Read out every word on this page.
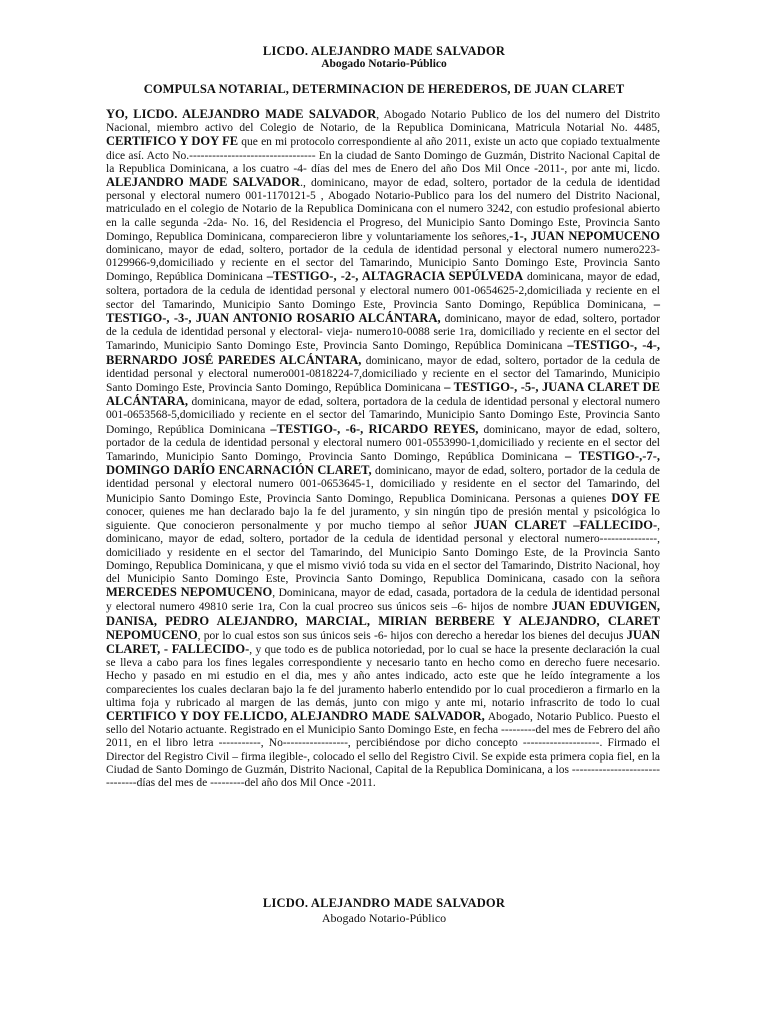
LICDO. ALEJANDRO MADE SALVADOR
Abogado Notario-Público
COMPULSA NOTARIAL, DETERMINACION DE HEREDEROS, DE JUAN CLARET
YO, LICDO. ALEJANDRO MADE SALVADOR, Abogado Notario Publico de los del numero del Distrito Nacional, miembro activo del Colegio de Notario, de la Republica Dominicana, Matricula Notarial No. 4485, CERTIFICO Y DOY FE que en mi protocolo correspondiente al año 2011, existe un acto que copiado textualmente dice así. Acto No.--------------------------------- En la ciudad de Santo Domingo de Guzmán, Distrito Nacional Capital de la Republica Dominicana, a los cuatro -4- días del mes de Enero del año Dos Mil Once -2011-, por ante mi, licdo. ALEJANDRO MADE SALVADOR., dominicano, mayor de edad, soltero, portador de la cedula de identidad personal y electoral numero 001-1170121-5 , Abogado Notario-Publico para los del numero del Distrito Nacional, matriculado en el colegio de Notario de la Republica Dominicana con el numero 3242, con estudio profesional abierto en la calle segunda -2da- No. 16, del Residencia el Progreso, del Municipio Santo Domingo Este, Provincia Santo Domingo, Republica Dominicana, comparecieron libre y voluntariamente los señores,-1-, JUAN NEPOMUCENO dominicano, mayor de edad, soltero, portador de la cedula de identidad personal y electoral numero numero223-0129966-9,domiciliado y reciente en el sector del Tamarindo, Municipio Santo Domingo Este, Provincia Santo Domingo, República Dominicana –TESTIGO-, -2-, ALTAGRACIA SEPÚLVEDA dominicana, mayor de edad, soltera, portadora de la cedula de identidad personal y electoral numero 001-0654625-2,domiciliada y reciente en el sector del Tamarindo, Municipio Santo Domingo Este, Provincia Santo Domingo, República Dominicana, –TESTIGO-, -3-, JUAN ANTONIO ROSARIO ALCÁNTARA, dominicano, mayor de edad, soltero, portador de la cedula de identidad personal y electoral- vieja- numero10-0088 serie 1ra, domiciliado y reciente en el sector del Tamarindo, Municipio Santo Domingo Este, Provincia Santo Domingo, República Dominicana –TESTIGO-, -4-, BERNARDO JOSÉ PAREDES ALCÁNTARA, dominicano, mayor de edad, soltero, portador de la cedula de identidad personal y electoral numero001-0818224-7,domiciliado y reciente en el sector del Tamarindo, Municipio Santo Domingo Este, Provincia Santo Domingo, República Dominicana – TESTIGO-, -5-, JUANA CLARET DE ALCÁNTARA, dominicana, mayor de edad, soltera, portadora de la cedula de identidad personal y electoral numero 001-0653568-5,domiciliado y reciente en el sector del Tamarindo, Municipio Santo Domingo Este, Provincia Santo Domingo, República Dominicana –TESTIGO-, -6-, RICARDO REYES, dominicano, mayor de edad, soltero, portador de la cedula de identidad personal y electoral numero 001-0553990-1,domiciliado y reciente en el sector del Tamarindo, Municipio Santo Domingo, Provincia Santo Domingo, República Dominicana – TESTIGO-,-7-, DOMINGO DARÍO ENCARNACIÓN CLARET, dominicano, mayor de edad, soltero, portador de la cedula de identidad personal y electoral numero 001-0653645-1, domiciliado y residente en el sector del Tamarindo, del Municipio Santo Domingo Este, Provincia Santo Domingo, Republica Dominicana. Personas a quienes DOY FE conocer, quienes me han declarado bajo la fe del juramento, y sin ningún tipo de presión mental y psicológica lo siguiente. Que conocieron personalmente y por mucho tiempo al señor JUAN CLARET –FALLECIDO-, dominicano, mayor de edad, soltero, portador de la cedula de identidad personal y electoral numero---------------, domiciliado y residente en el sector del Tamarindo, del Municipio Santo Domingo Este, de la Provincia Santo Domingo, Republica Dominicana, y que el mismo vivió toda su vida en el sector del Tamarindo, Distrito Nacional, hoy del Municipio Santo Domingo Este, Provincia Santo Domingo, Republica Dominicana, casado con la señora MERCEDES NEPOMUCENO, Dominicana, mayor de edad, casada, portadora de la cedula de identidad personal y electoral numero 49810 serie 1ra, Con la cual procreo sus únicos seis –6- hijos de nombre JUAN EDUVIGEN, DANISA, PEDRO ALEJANDRO, MARCIAL, MIRIAN BERBERE Y ALEJANDRO, CLARET NEPOMUCENO, por lo cual estos son sus únicos seis -6- hijos con derecho a heredar los bienes del decujus JUAN CLARET, - FALLECIDO-, y que todo es de publica notoriedad, por lo cual se hace la presente declaración la cual se lleva a cabo para los fines legales correspondiente y necesario tanto en hecho como en derecho fuere necesario. Hecho y pasado en mi estudio en el dia, mes y año antes indicado, acto este que he leído íntegramente a los comparecientes los cuales declaran bajo la fe del juramento haberlo entendido por lo cual procedieron a firmarlo en la ultima foja y rubricado al margen de las demás, junto con migo y ante mi, notario infrascrito de todo lo cual CERTIFICO Y DOY FE.LICDO, ALEJANDRO MADE SALVADOR, Abogado, Notario Publico. Puesto el sello del Notario actuante. Registrado en el Municipio Santo Domingo Este, en fecha ---------del mes de Febrero del año 2011, en el libro letra -----------, No-----------------, percibiéndose por dicho concepto --------------------. Firmado el Director del Registro Civil – firma ilegible-, colocado el sello del Registro Civil. Se expide esta primera copia fiel, en la Ciudad de Santo Domingo de Guzmán, Distrito Nacional, Capital de la Republica Dominicana, a los -------------------------------días del mes de ---------del año dos Mil Once -2011.
LICDO. ALEJANDRO MADE SALVADOR
Abogado Notario-Público
